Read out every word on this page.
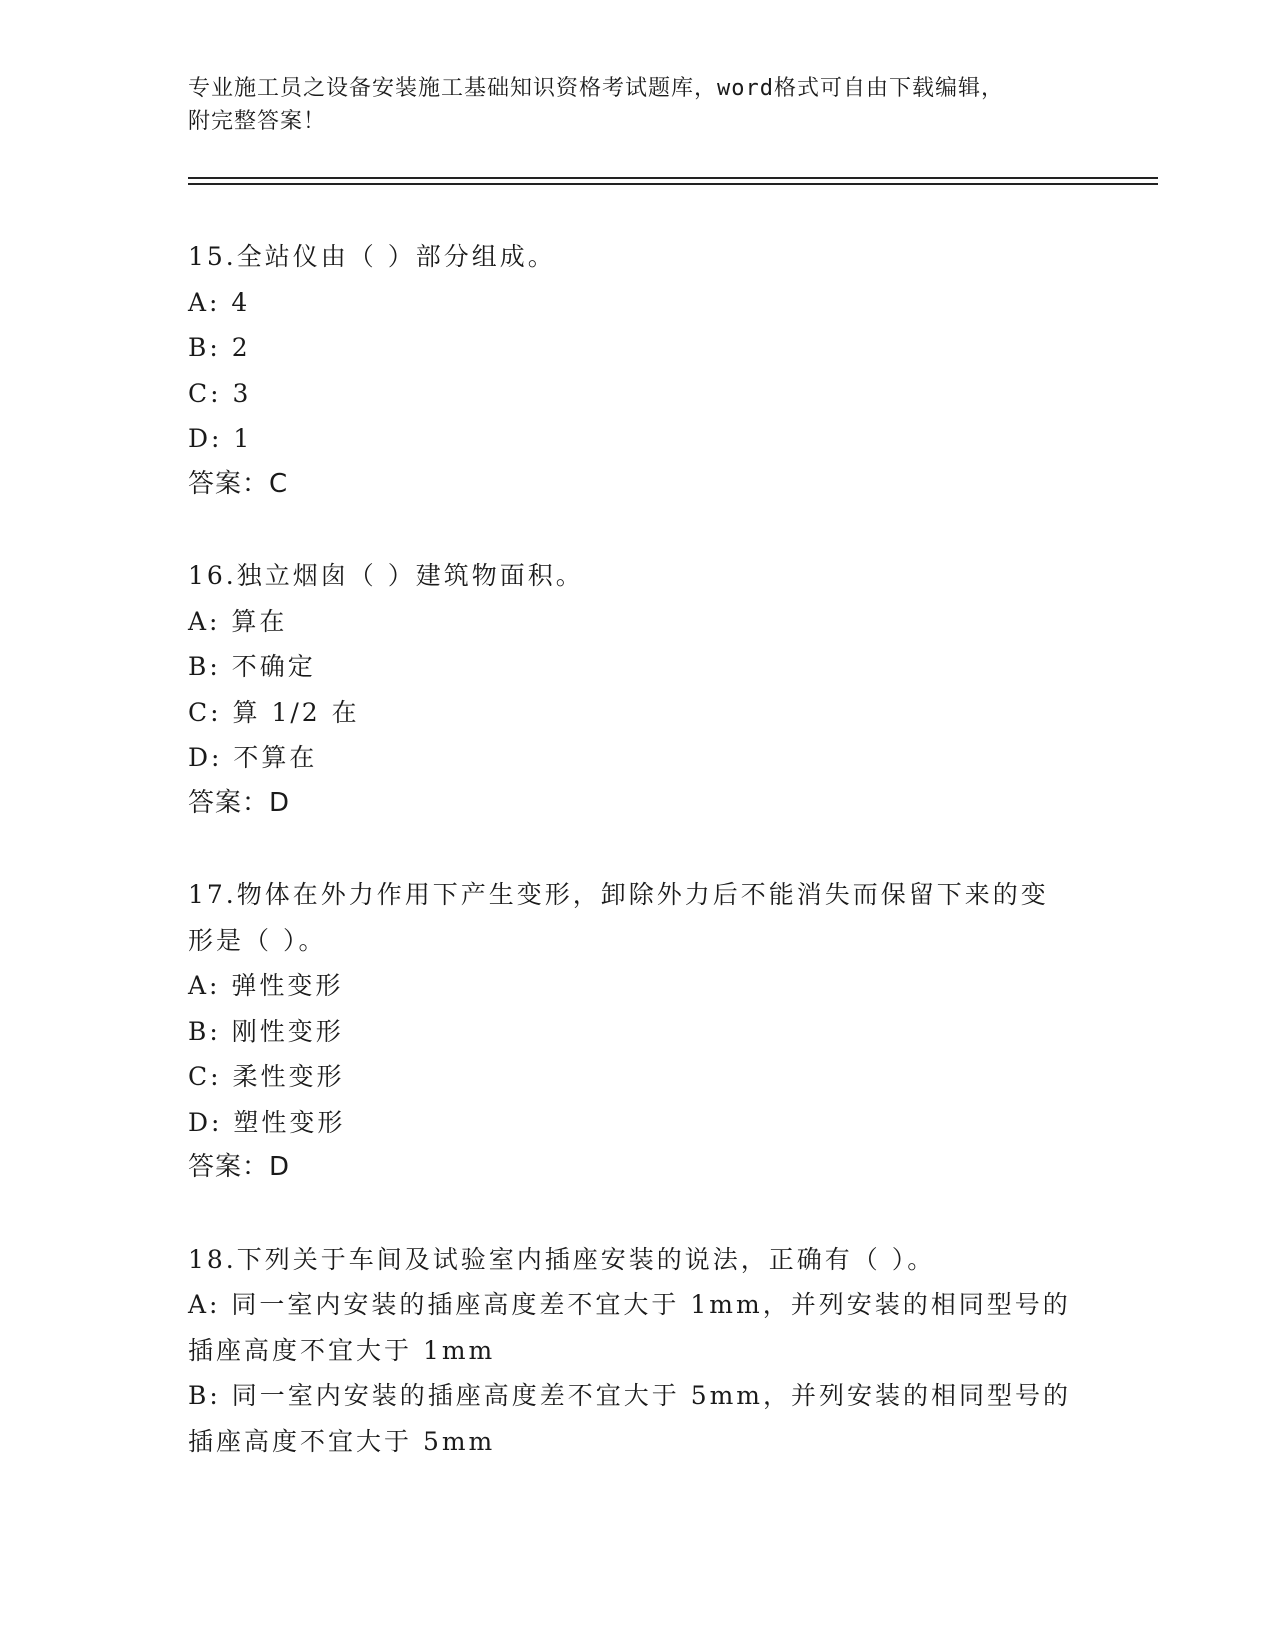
专业施工员之设备安装施工基础知识资格考试题库，word格式可自由下载编辑，
附完整答案！
15.全站仪由（ ）部分组成。
A: 4
B: 2
C: 3
D: 1
答案：C
16.独立烟囱（ ）建筑物面积。
A: 算在
B: 不确定
C: 算 1/2 在
D: 不算在
答案：D
17.物体在外力作用下产生变形，卸除外力后不能消失而保留下来的变
形是（ ）。
A: 弹性变形
B: 刚性变形
C: 柔性变形
D: 塑性变形
答案：D
18.下列关于车间及试验室内插座安装的说法，正确有（ ）。
A: 同一室内安装的插座高度差不宜大于 1mm，并列安装的相同型号的
插座高度不宜大于 1mm
B: 同一室内安装的插座高度差不宜大于 5mm，并列安装的相同型号的
插座高度不宜大于 5mm
